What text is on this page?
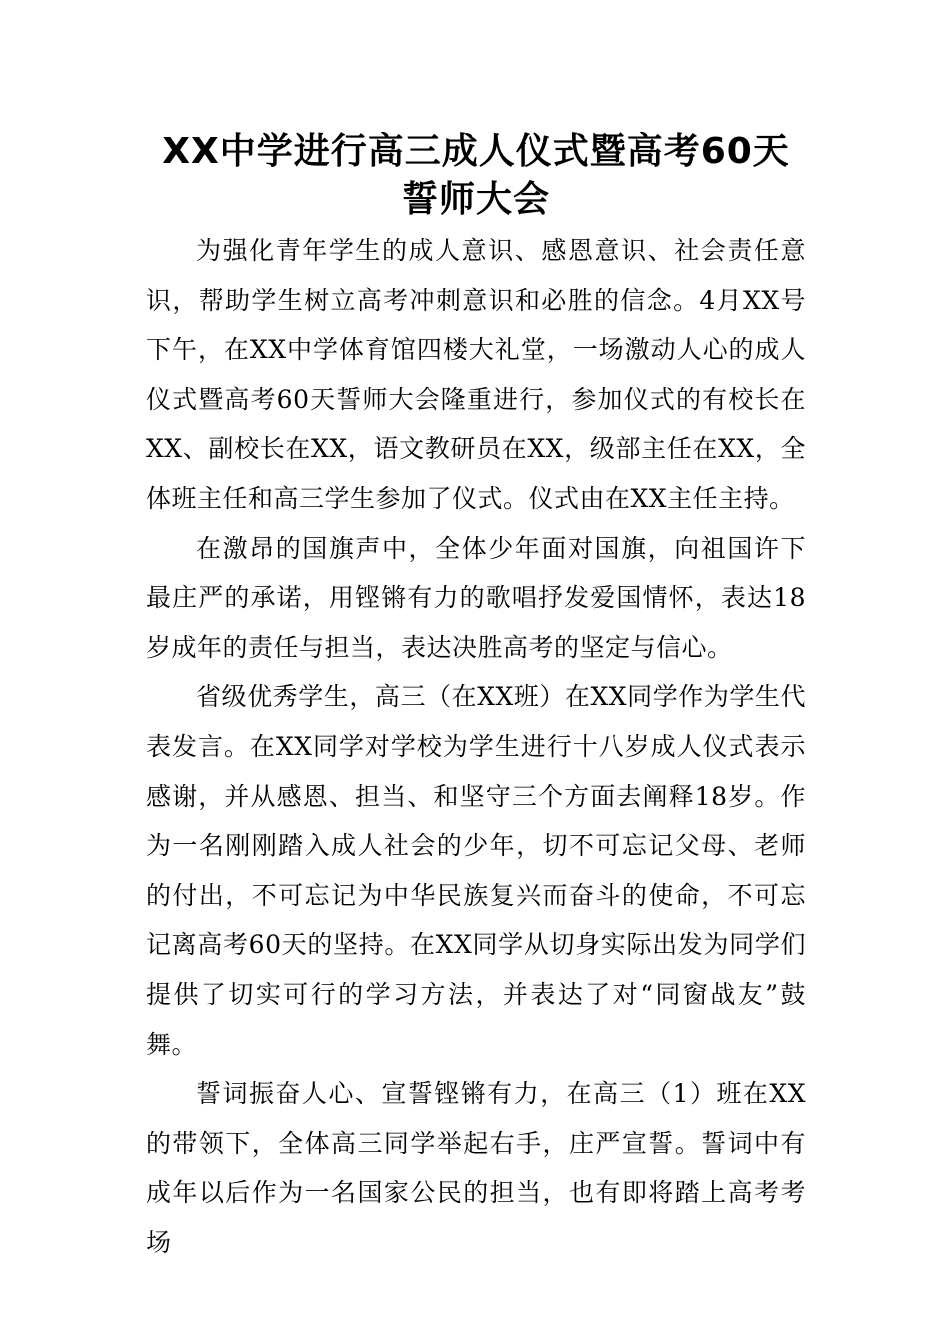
XX中学进行高三成人仪式暨高考60天
誓师大会

为强化青年学生的成人意识、感恩意识、社会责任意识，帮助学生树立高考冲刺意识和必胜的信念。4月XX号下午，在XX中学体育馆四楼大礼堂，一场激动人心的成人仪式暨高考60天誓师大会隆重进行，参加仪式的有校长在XX、副校长在XX，语文教研员在XX，级部主任在XX，全体班主任和高三学生参加了仪式。仪式由在XX主任主持。

在激昂的国旗声中，全体少年面对国旗，向祖国许下最庄严的承诺，用铿锵有力的歌唱抒发爱国情怀，表达18岁成年的责任与担当，表达决胜高考的坚定与信心。

省级优秀学生，高三（在XX班）在XX同学作为学生代表发言。在XX同学对学校为学生进行十八岁成人仪式表示感谢，并从感恩、担当、和坚守三个方面去阐释18岁。作为一名刚刚踏入成人社会的少年，切不可忘记父母、老师的付出，不可忘记为中华民族复兴而奋斗的使命，不可忘记离高考60天的坚持。在XX同学从切身实际出发为同学们提供了切实可行的学习方法，并表达了对“同窗战友”鼓舞。

誓词振奋人心、宣誓铿锵有力，在高三（1）班在XX的带领下，全体高三同学举起右手，庄严宣誓。誓词中有成年以后作为一名国家公民的担当，也有即将踏上高考考场
